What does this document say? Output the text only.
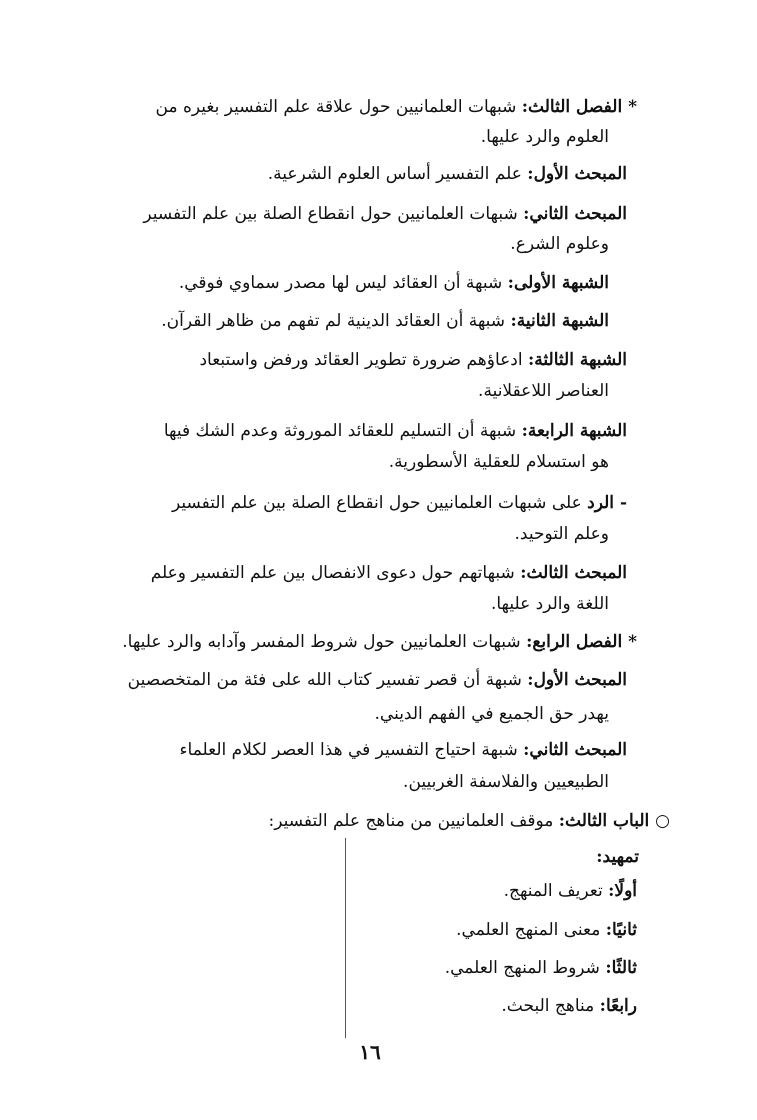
* الفصل الثالث: شبهات العلمانيين حول علاقة علم التفسير بغيره من
العلوم والرد عليها.
المبحث الأول: علم التفسير أساس العلوم الشرعية.
المبحث الثاني: شبهات العلمانيين حول انقطاع الصلة بين علم التفسير
وعلوم الشرع.
الشبهة الأولى: شبهة أن العقائد ليس لها مصدر سماوي فوقي.
الشبهة الثانية: شبهة أن العقائد الدينية لم تفهم من ظاهر القرآن.
الشبهة الثالثة: ادعاؤهم ضرورة تطوير العقائد ورفض واستبعاد
العناصر اللاعقلانية.
الشبهة الرابعة: شبهة أن التسليم للعقائد الموروثة وعدم الشك فيها
هو استسلام للعقلية الأسطورية.
- الرد على شبهات العلمانيين حول انقطاع الصلة بين علم التفسير
وعلم التوحيد.
المبحث الثالث: شبهاتهم حول دعوى الانفصال بين علم التفسير وعلم
اللغة والرد عليها.
* الفصل الرابع: شبهات العلمانيين حول شروط المفسر وآدابه والرد عليها.
المبحث الأول: شبهة أن قصر تفسير كتاب الله على فئة من المتخصصين
يهدر حق الجميع في الفهم الديني.
المبحث الثاني: شبهة احتياج التفسير في هذا العصر لكلام العلماء
الطبيعيين والفلاسفة الغربيين.
○ الباب الثالث: موقف العلمانيين من مناهج علم التفسير:
تمهيد:
أولًا: تعريف المنهج.
ثانيًا: معنى المنهج العلمي.
ثالثًا: شروط المنهج العلمي.
رابعًا: مناهج البحث.
١٦
